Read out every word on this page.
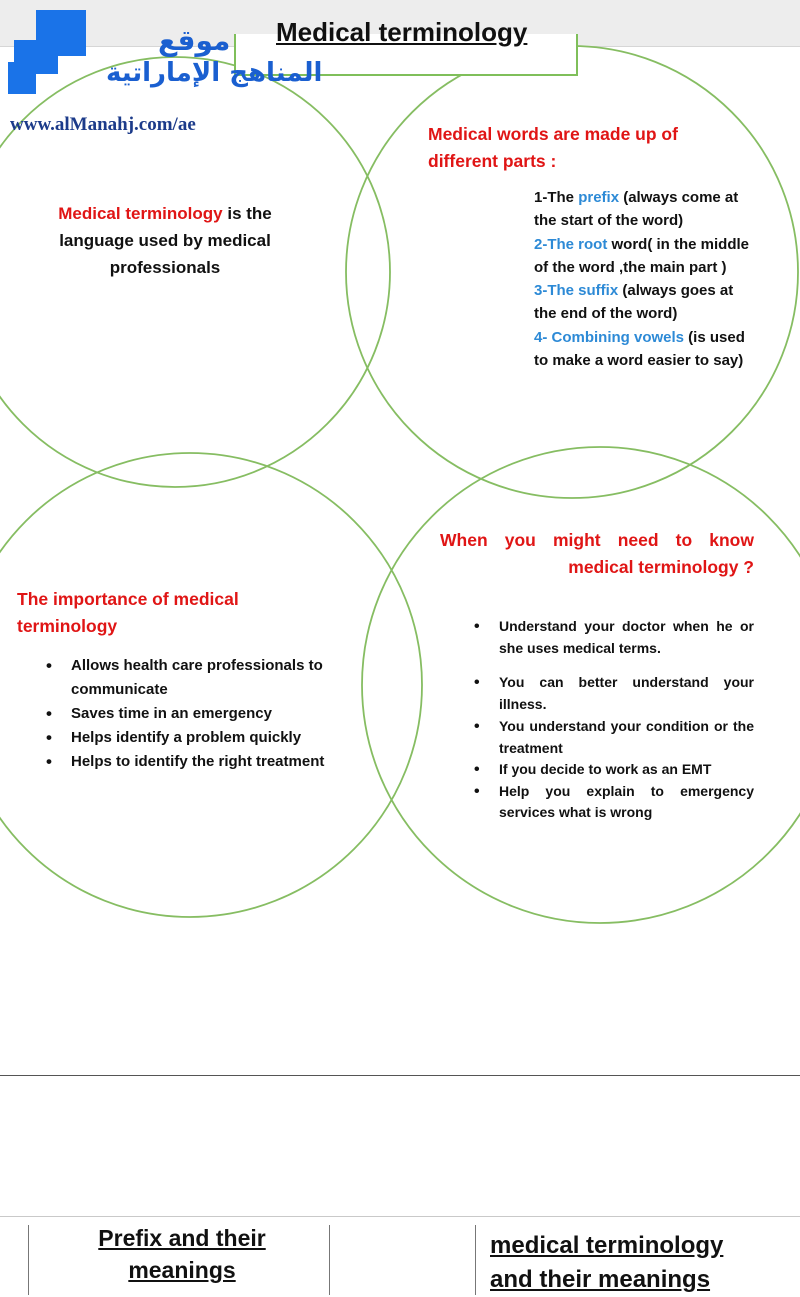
Medical terminology
موقع
المناهج الإماراتية
www.alManahj.com/ae
Medical terminology is the language used by medical professionals
Medical words are made up of different parts :
1-The prefix (always come at the start of the word)
2-The root word( in the middle of the word ,the main part )
3-The suffix (always goes at the end of the word)
4- Combining vowels (is used to make a word easier to say)
The importance of medical terminology
• Allows health care professionals to communicate
• Saves time in an emergency
• Helps identify a problem quickly
• Helps to identify the right treatment
When you might need to know medical terminology ?
• Understand your doctor when he or she uses medical terms.
• You can better understand your illness.
• You understand your condition or the treatment
• If you decide to work as an EMT
• Help you explain to emergency services what is wrong
Prefix and their meanings
medical terminology and their meanings
